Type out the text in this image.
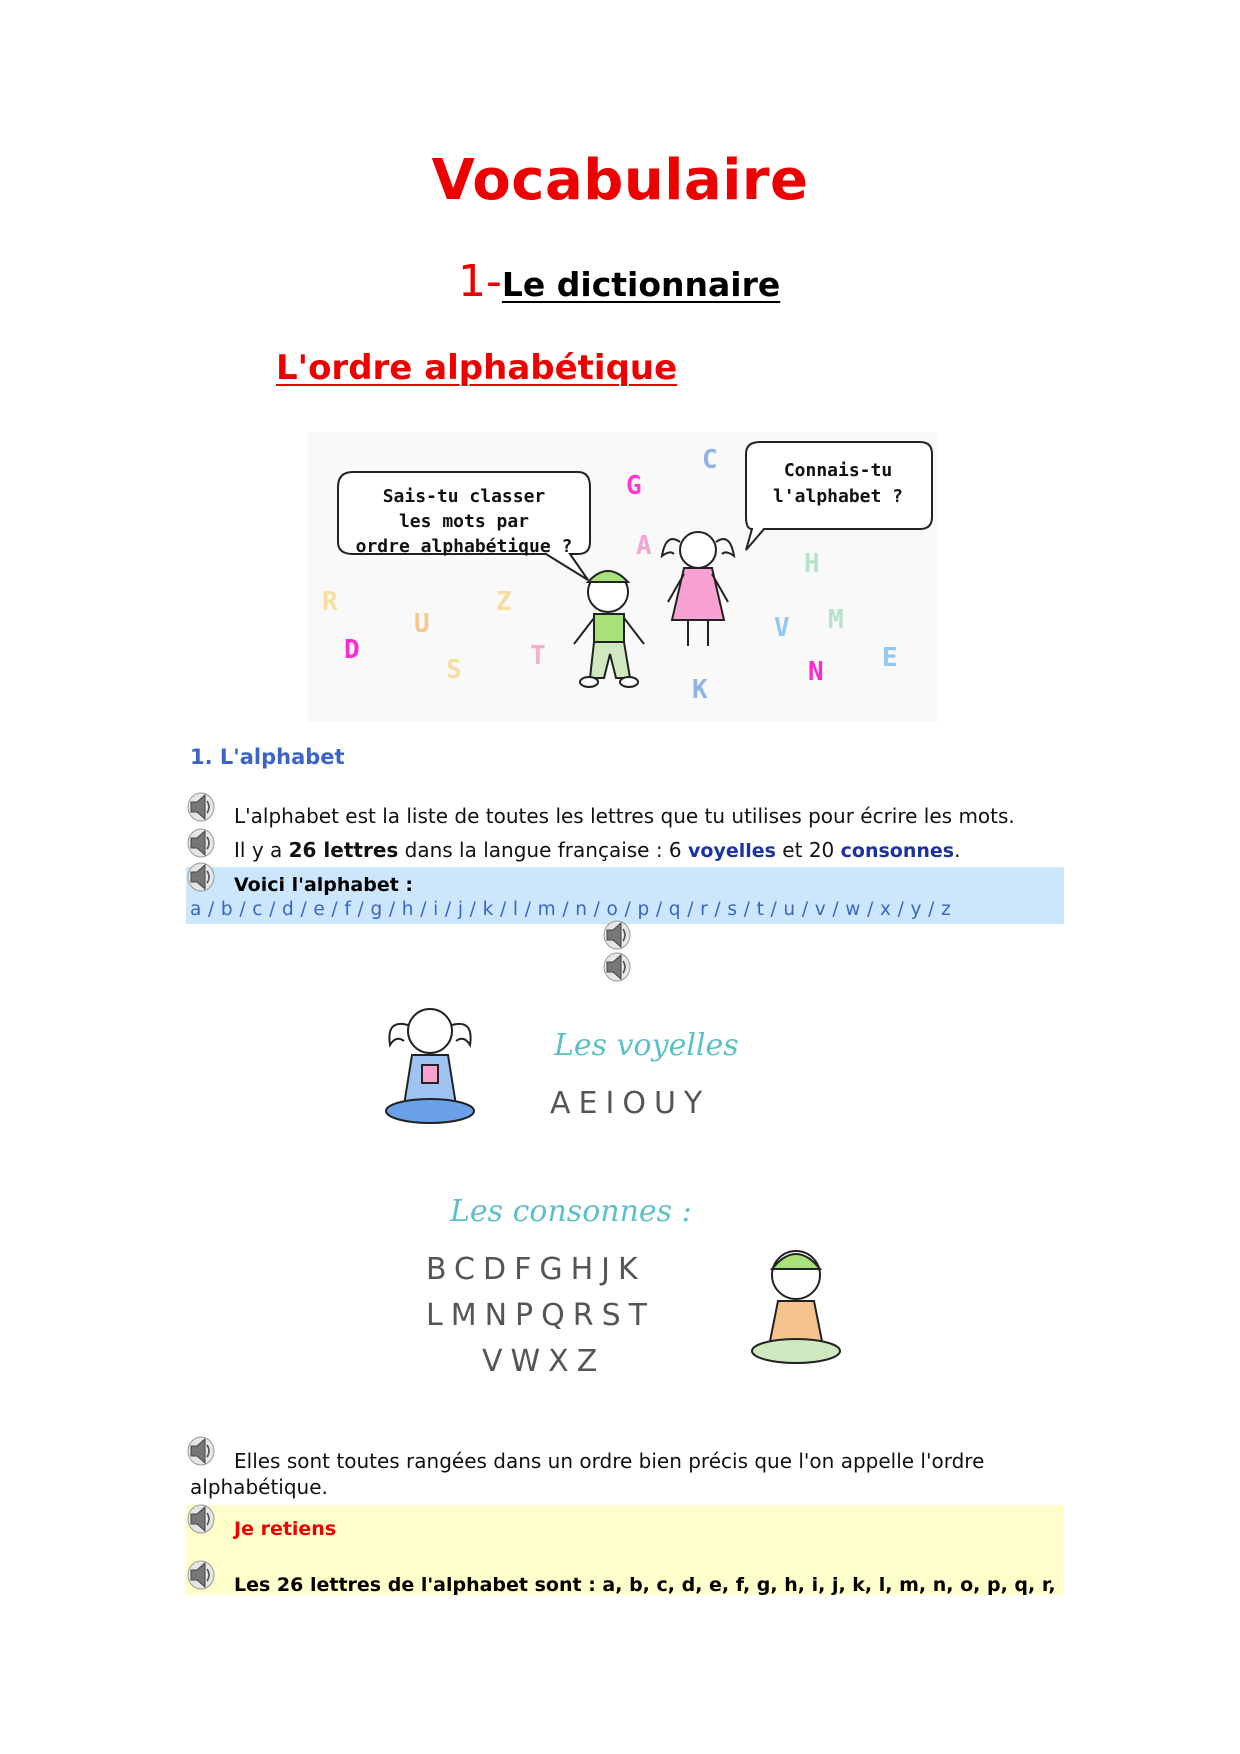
Vocabulaire
1-Le dictionnaire
L'ordre alphabétique
Sais-tu classer
les mots par
ordre alphabétique ?
Connais-tu
l'alphabet ?
C
G
A
H
R	Z
U	V M
D	T
S	N E
K
1. L'alphabet
L'alphabet est la liste de toutes les lettres que tu utilises pour écrire les mots.
Il y a 26 lettres dans la langue française : 6 voyelles et 20 consonnes.
Voici l'alphabet :
a / b / c / d / e / f / g / h / i / j / k / l / m / n / o / p / q / r / s / t / u / v / w / x / y / z
Les voyelles :
AEIOUY
Les consonnes :
BCDFGHJK
LMNPQRST
VWXZ
Elles sont toutes rangées dans un ordre bien précis que l'on appelle l'ordre
alphabétique.
Je retiens
Les 26 lettres de l'alphabet sont : a, b, c, d, e, f, g, h, i, j, k, l, m, n, o, p, q, r,
